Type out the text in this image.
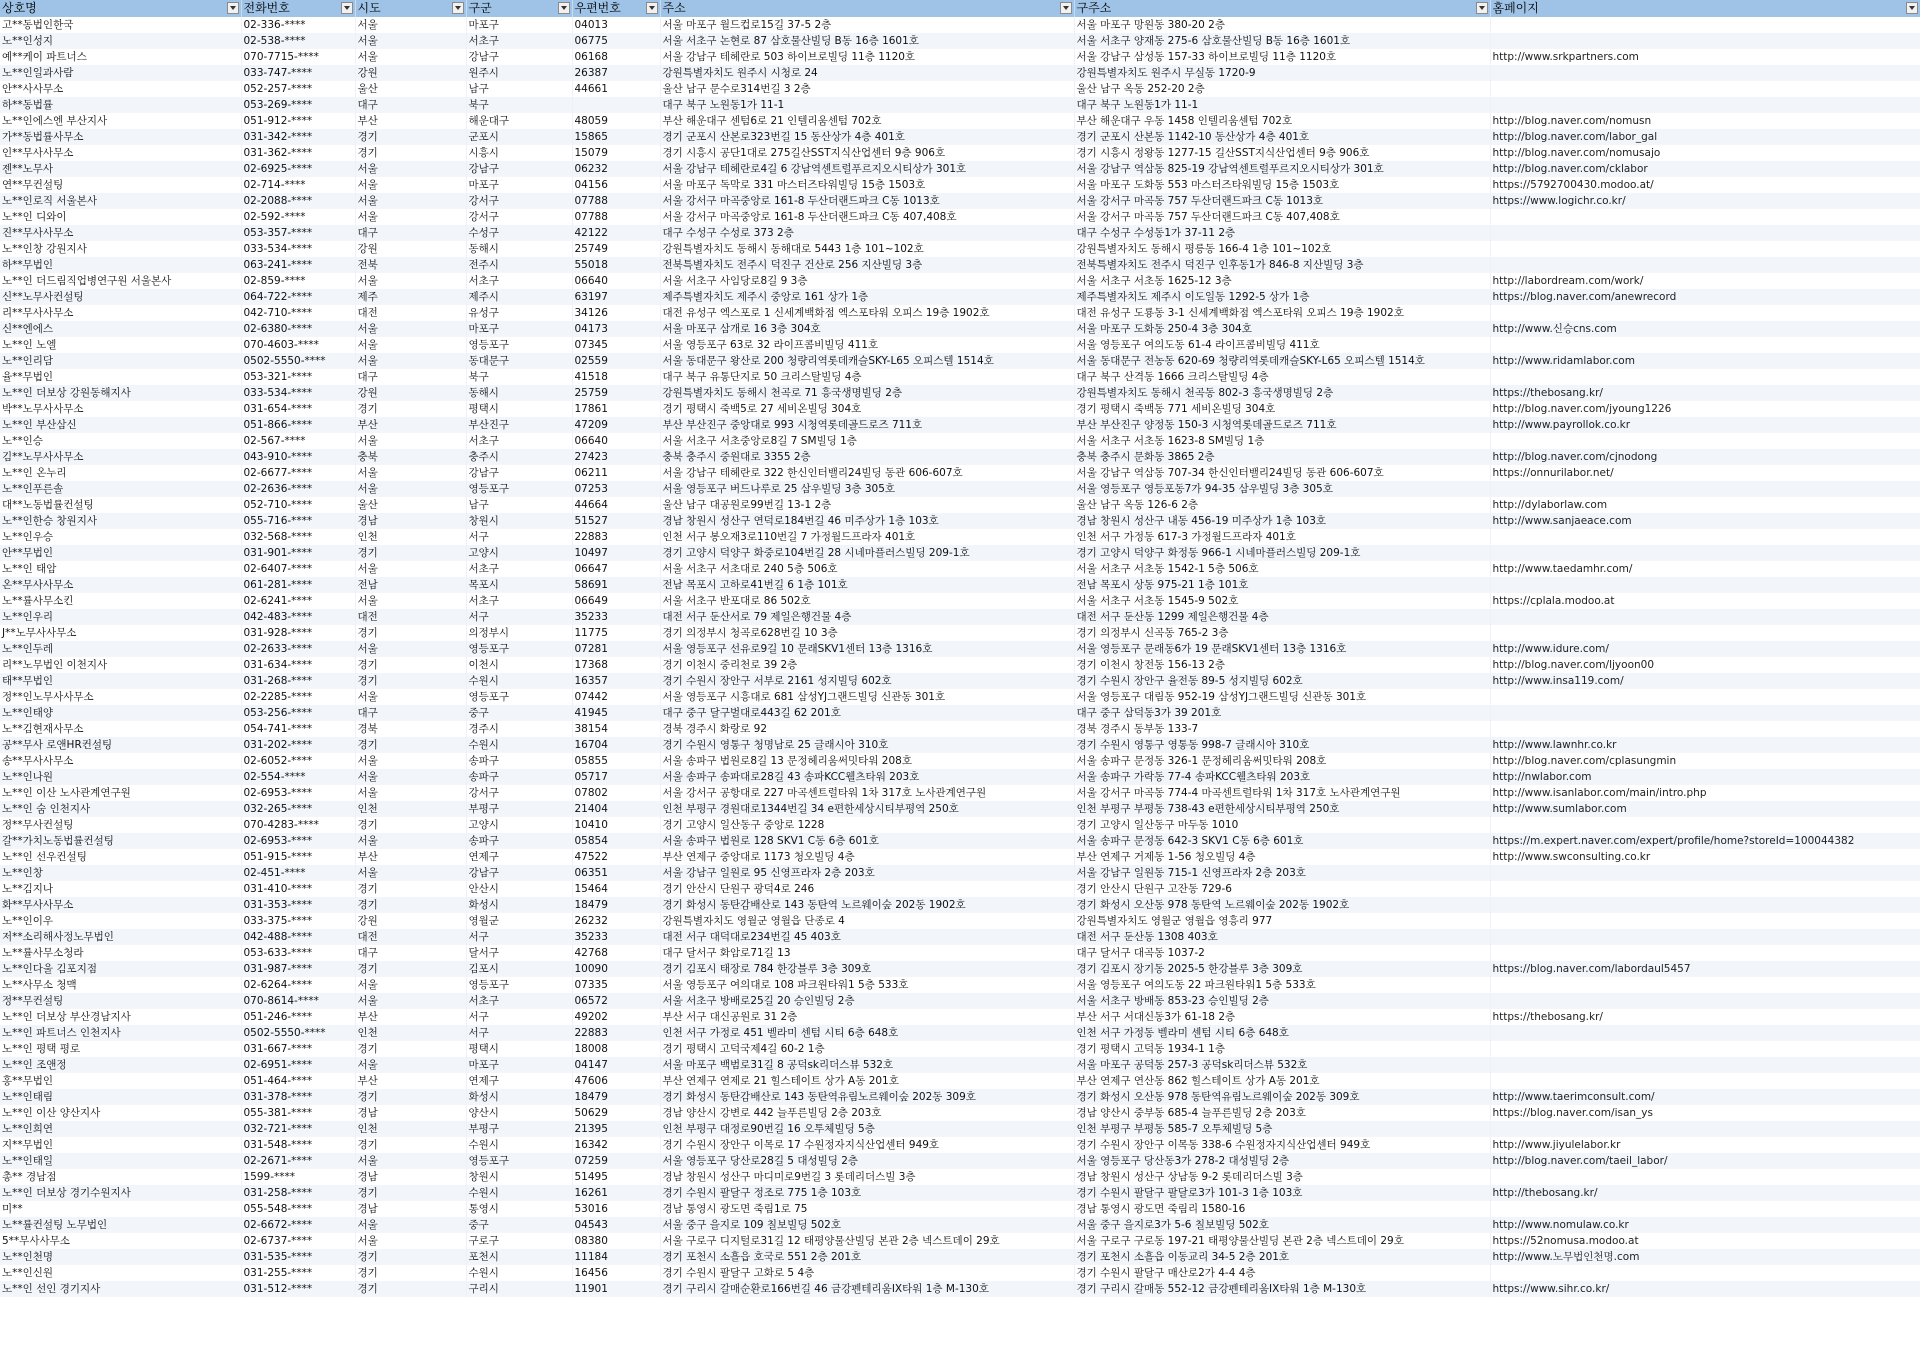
상호명	전화번호	시도	구군	우편번호	주소	구주소	홈페이지

고**동법인한국	02-336-****	서울	마포구	04013	서울 마포구 월드컵로15길 37-5 2층	서울 마포구 망원동 380-20 2층	
노**인성지	02-538-****	서울	서초구	06775	서울 서초구 논현로 87 삼호물산빌딩 B동 16층 1601호	서울 서초구 양재동 275-6 삼호물산빌딩 B동 16층 1601호	
예**케이 파트너스	070-7715-****	서울	강남구	06168	서울 강남구 테헤란로 503 하이브로빌딩 11층 1120호	서울 강남구 삼성동 157-33 하이브로빌딩 11층 1120호	http://www.srkpartners.com
노**인일과사람	033-747-****	강원	원주시	26387	강원특별자치도 원주시 시청로 24	강원특별자치도 원주시 무실동 1720-9	
안**사사무소	052-257-****	울산	남구	44661	울산 남구 문수로314번길 3 2층	울산 남구 옥동 252-20 2층	
하**동법률	053-269-****	대구	북구		대구 북구 노원동1가 11-1	대구 북구 노원동1가 11-1	
노**인에스엔 부산지사	051-912-****	부산	해운대구	48059	부산 해운대구 센텀6로 21 인텔리움센텀 702호	부산 해운대구 우동 1458 인텔리움센텀 702호	http://blog.naver.com/nomusn
가**동법률사무소	031-342-****	경기	군포시	15865	경기 군포시 산본로323번길 15 동산상가 4층 401호	경기 군포시 산본동 1142-10 동산상가 4층 401호	http://blog.naver.com/labor_gal
인**무사사무소	031-362-****	경기	시흥시	15079	경기 시흥시 공단1대로 275길산SST지식산업센터 9층 906호	경기 시흥시 정왕동 1277-15 길산SST지식산업센터 9층 906호	http://blog.naver.com/nomusajo
젠**노무사	02-6925-****	서울	강남구	06232	서울 강남구 테헤란로4길 6 강남역센트럴푸르지오시티상가 301호	서울 강남구 역삼동 825-19 강남역센트럴푸르지오시티상가 301호	http://blog.naver.com/cklabor
연**무컨설팅	02-714-****	서울	마포구	04156	서울 마포구 독막로 331 마스터즈타워빌딩 15층 1503호	서울 마포구 도화동 553 마스터즈타워빌딩 15층 1503호	https://5792700430.modoo.at/
노**인로직 서울본사	02-2088-****	서울	강서구	07788	서울 강서구 마곡중앙로 161-8 두산더랜드파크 C동 1013호	서울 강서구 마곡동 757 두산더랜드파크 C동 1013호	https://www.logichr.co.kr/
노**인 디와이	02-592-****	서울	강서구	07788	서울 강서구 마곡중앙로 161-8 두산더랜드파크 C동 407,408호	서울 강서구 마곡동 757 두산더랜드파크 C동 407,408호	
진**무사사무소	053-357-****	대구	수성구	42122	대구 수성구 수성로 373 2층	대구 수성구 수성동1가 37-11 2층	
노**인창 강원지사	033-534-****	강원	동해시	25749	강원특별자치도 동해시 동해대로 5443 1층 101~102호	강원특별자치도 동해시 평릉동 166-4 1층 101~102호	
하**무법인	063-241-****	전북	전주시	55018	전북특별자치도 전주시 덕진구 건산로 256 지산빌딩 3층	전북특별자치도 전주시 덕진구 인후동1가 846-8 지산빌딩 3층	
노**인 더드림직업병연구원 서울본사	02-859-****	서울	서초구	06640	서울 서초구 사임당로8길 9 3층	서울 서초구 서초동 1625-12 3층	http://labordream.com/work/
신**노무사컨설팅	064-722-****	제주	제주시	63197	제주특별자치도 제주시 중앙로 161 상가 1층	제주특별자치도 제주시 이도일동 1292-5 상가 1층	https://blog.naver.com/anewrecord
리**무사사무소	042-710-****	대전	유성구	34126	대전 유성구 엑스포로 1 신세계백화점 엑스포타워 오피스 19층 1902호	대전 유성구 도룡동 3-1 신세계백화점 엑스포타워 오피스 19층 1902호	
신**엔에스	02-6380-****	서울	마포구	04173	서울 마포구 삼개로 16 3층 304호	서울 마포구 도화동 250-4 3층 304호	http://www.신승cns.com
노**인 노엘	070-4603-****	서울	영등포구	07345	서울 영등포구 63로 32 라이프콤비빌딩 411호	서울 영등포구 여의도동 61-4 라이프콤비빌딩 411호	
노**인리담	0502-5550-****	서울	동대문구	02559	서울 동대문구 왕산로 200 청량리역롯데캐슬SKY-L65 오피스텔 1514호	서울 동대문구 전농동 620-69 청량리역롯데캐슬SKY-L65 오피스텔 1514호	http://www.ridamlabor.com
율**무법인	053-321-****	대구	북구	41518	대구 북구 유통단지로 50 크리스탈빌딩 4층	대구 북구 산격동 1666 크리스탈빌딩 4층	
노**인 더보상 강원동해지사	033-534-****	강원	동해시	25759	강원특별자치도 동해시 천곡로 71 흥국생명빌딩 2층	강원특별자치도 동해시 천곡동 802-3 흥국생명빌딩 2층	https://thebosang.kr/
박**노무사사무소	031-654-****	경기	평택시	17861	경기 평택시 죽백5로 27 세비온빌딩 304호	경기 평택시 죽백동 771 세비온빌딩 304호	http://blog.naver.com/jyoung1226
노**인 부산삼신	051-866-****	부산	부산진구	47209	부산 부산진구 중앙대로 993 시청역롯데골드로즈 711호	부산 부산진구 양정동 150-3 시청역롯데골드로즈 711호	http://www.payrollok.co.kr
노**인승	02-567-****	서울	서초구	06640	서울 서초구 서초중앙로8길 7 SM빌딩 1층	서울 서초구 서초동 1623-8 SM빌딩 1층	
김**노무사사무소	043-910-****	충북	충주시	27423	충북 충주시 중원대로 3355 2층	충북 충주시 문화동 3865 2층	http://blog.naver.com/cjnodong
노**인 온누리	02-6677-****	서울	강남구	06211	서울 강남구 테헤란로 322 한신인터밸리24빌딩 동관 606-607호	서울 강남구 역삼동 707-34 한신인터밸리24빌딩 동관 606-607호	https://onnurilabor.net/
노**인푸른솔	02-2636-****	서울	영등포구	07253	서울 영등포구 버드나루로 25 삼우빌딩 3층 305호	서울 영등포구 영등포동7가 94-35 삼우빌딩 3층 305호	
대**노동법률컨설팅	052-710-****	울산	남구	44664	울산 남구 대공원로99번길 13-1 2층	울산 남구 옥동 126-6 2층	http://dylaborlaw.com
노**인한승 창원지사	055-716-****	경남	창원시	51527	경남 창원시 성산구 연덕로184번길 46 미주상가 1층 103호	경남 창원시 성산구 내동 456-19 미주상가 1층 103호	http://www.sanjaeace.com
노**인우승	032-568-****	인천	서구	22883	인천 서구 봉오재3로110번길 7 가정월드프라자 401호	인천 서구 가정동 617-3 가정월드프라자 401호	
안**무법인	031-901-****	경기	고양시	10497	경기 고양시 덕양구 화중로104번길 28 시네마플러스빌딩 209-1호	경기 고양시 덕양구 화정동 966-1 시네마플러스빌딩 209-1호	
노**인 태암	02-6407-****	서울	서초구	06647	서울 서초구 서초대로 240 5층 506호	서울 서초구 서초동 1542-1 5층 506호	http://www.taedamhr.com/
온**무사사무소	061-281-****	전남	목포시	58691	전남 목포시 고하로41번길 6 1층 101호	전남 목포시 상동 975-21 1층 101호	
노**률사무소킨	02-6241-****	서울	서초구	06649	서울 서초구 반포대로 86 502호	서울 서초구 서초동 1545-9 502호	https://cplala.modoo.at
노**인우리	042-483-****	대전	서구	35233	대전 서구 둔산서로 79 제일은행건물 4층	대전 서구 둔산동 1299 제일은행건물 4층	
J**노무사사무소	031-928-****	경기	의정부시	11775	경기 의정부시 청곡로628번길 10 3층	경기 의정부시 신곡동 765-2 3층	
노**인두레	02-2633-****	서울	영등포구	07281	서울 영등포구 선유로9길 10 문래SKV1센터 13층 1316호	서울 영등포구 문래동6가 19 문래SKV1센터 13층 1316호	http://www.idure.com/
리**노무법인 이천지사	031-634-****	경기	이천시	17368	경기 이천시 중리천로 39 2층	경기 이천시 창전동 156-13 2층	http://blog.naver.com/ljyoon00
태**무법인	031-268-****	경기	수원시	16357	경기 수원시 장안구 서부로 2161 성지빌딩 602호	경기 수원시 장안구 율전동 89-5 성지빌딩 602호	http://www.insa119.com/
정**인노무사사무소	02-2285-****	서울	영등포구	07442	서울 영등포구 시흥대로 681 삼성YJ그랜드빌딩 신관동 301호	서울 영등포구 대림동 952-19 삼성YJ그랜드빌딩 신관동 301호	
노**인태양	053-256-****	대구	중구	41945	대구 중구 달구벌대로443길 62 201호	대구 중구 삼덕동3가 39 201호	
노**김현재사무소	054-741-****	경북	경주시	38154	경북 경주시 화랑로 92	경북 경주시 동부동 133-7	
공**무사 로앤HR컨설팅	031-202-****	경기	수원시	16704	경기 수원시 영통구 청명남로 25 글래시아 310호	경기 수원시 영통구 영통동 998-7 글래시아 310호	http://www.lawnhr.co.kr
송**무사사무소	02-6052-****	서울	송파구	05855	서울 송파구 법원로8길 13 문정헤리움써밋타워 208호	서울 송파구 문정동 326-1 문정헤리움써밋타워 208호	http://blog.naver.com/cplasungmin
노**인나원	02-554-****	서울	송파구	05717	서울 송파구 송파대로28길 43 송파KCC웰츠타워 203호	서울 송파구 가락동 77-4 송파KCC웰츠타워 203호	http://nwlabor.com
노**인 이산 노사관계연구원	02-6953-****	서울	강서구	07802	서울 강서구 공항대로 227 마곡센트럴타워 1차 317호 노사관계연구원	서울 강서구 마곡동 774-4 마곡센트럴타워 1차 317호 노사관계연구원	http://www.isanlabor.com/main/intro.php
노**인 숨 인천지사	032-265-****	인천	부평구	21404	인천 부평구 경원대로1344번길 34 e편한세상시티부평역 250호	인천 부평구 부평동 738-43 e편한세상시티부평역 250호	http://www.sumlabor.com
정**무사컨설팅	070-4283-****	경기	고양시	10410	경기 고양시 일산동구 중앙로 1228	경기 고양시 일산동구 마두동 1010	
갈**가치노동법률컨설팅	02-6953-****	서울	송파구	05854	서울 송파구 법원로 128 SKV1 C동 6층 601호	서울 송파구 문정동 642-3 SKV1 C동 6층 601호	https://m.expert.naver.com/expert/profile/home?storeId=100044382
노**인 선우컨설팅	051-915-****	부산	연제구	47522	부산 연제구 중앙대로 1173 청오빌딩 4층	부산 연제구 거제동 1-56 청오빌딩 4층	http://www.swconsulting.co.kr
노**인창	02-451-****	서울	강남구	06351	서울 강남구 일원로 95 신영프라자 2층 203호	서울 강남구 일원동 715-1 신영프라자 2층 203호	
노**김지나	031-410-****	경기	안산시	15464	경기 안산시 단원구 광덕4로 246	경기 안산시 단원구 고잔동 729-6	
화**무사사무소	031-353-****	경기	화성시	18479	경기 화성시 동탄감배산로 143 동탄역 노르웨이숲 202동 1902호	경기 화성시 오산동 978 동탄역 노르웨이숲 202동 1902호	
노**인이우	033-375-****	강원	영월군	26232	강원특별자치도 영월군 영월읍 단종로 4	강원특별자치도 영월군 영월읍 영흥리 977	
저**소리해사정노무법인	042-488-****	대전	서구	35233	대전 서구 대덕대로234번길 45 403호	대전 서구 둔산동 1308 403호	
노**률사무소청라	053-633-****	대구	달서구	42768	대구 달서구 화암로71길 13	대구 달서구 대곡동 1037-2	
노**인다울 김포지점	031-987-****	경기	김포시	10090	경기 김포시 태장로 784 한강블루 3층 309호	경기 김포시 장기동 2025-5 한강블루 3층 309호	https://blog.naver.com/labordaul5457
노**사무소 청맥	02-6264-****	서울	영등포구	07335	서울 영등포구 여의대로 108 파크원타워1 5층 533호	서울 영등포구 여의도동 22 파크원타워1 5층 533호	
정**무컨설팅	070-8614-****	서울	서초구	06572	서울 서초구 방배로25길 20 승인빌딩 2층	서울 서초구 방배동 853-23 승인빌딩 2층	
노**인 더보상 부산경남지사	051-246-****	부산	서구	49202	부산 서구 대신공원로 31 2층	부산 서구 서대신동3가 61-18 2층	https://thebosang.kr/
노**인 파트너스 인천지사	0502-5550-****	인천	서구	22883	인천 서구 가정로 451 벨라미 센텀 시티 6층 648호	인천 서구 가정동 벨라미 센텀 시티 6층 648호	
노**인 평택 평로	031-667-****	경기	평택시	18008	경기 평택시 고덕국제4길 60-2 1층	경기 평택시 고덕동 1934-1 1층	
노**인 조앤정	02-6951-****	서울	마포구	04147	서울 마포구 백범로31길 8 공덕sk리더스뷰 532호	서울 마포구 공덕동 257-3 공덕sk리더스뷰 532호	
홍**무법인	051-464-****	부산	연제구	47606	부산 연제구 연제로 21 힐스테이트 상가 A동 201호	부산 연제구 연산동 862 힐스테이트 상가 A동 201호	
노**인태림	031-378-****	경기	화성시	18479	경기 화성시 동탄감배산로 143 동탄역유림노르웨이숲 202동 309호	경기 화성시 오산동 978 동탄역유림노르웨이숲 202동 309호	http://www.taerimconsult.com/
노**인 이산 양산지사	055-381-****	경남	양산시	50629	경남 양산시 강변로 442 늘푸른빌딩 2층 203호	경남 양산시 중부동 685-4 늘푸른빌딩 2층 203호	https://blog.naver.com/isan_ys
노**인희연	032-721-****	인천	부평구	21395	인천 부평구 대정로90번길 16 오투체빌딩 5층	인천 부평구 부평동 585-7 오투체빌딩 5층	
지**무법인	031-548-****	경기	수원시	16342	경기 수원시 장안구 이목로 17 수원정자지식산업센터 949호	경기 수원시 장안구 이목동 338-6 수원정자지식산업센터 949호	http://www.jiyulelabor.kr
노**인태일	02-2671-****	서울	영등포구	07259	서울 영등포구 당산로28길 5 대성빌딩 2층	서울 영등포구 당산동3가 278-2 대성빌딩 2층	http://blog.naver.com/taeil_labor/
총** 경남점	1599-****	경남	창원시	51495	경남 창원시 성산구 마디미로9번길 3 롯데리더스빌 3층	경남 창원시 성산구 상남동 9-2 롯데리더스빌 3층	
노**인 더보상 경기수원지사	031-258-****	경기	수원시	16261	경기 수원시 팔달구 정조로 775 1층 103호	경기 수원시 팔달구 팔달로3가 101-3 1층 103호	http://thebosang.kr/
미**	055-548-****	경남	통영시	53016	경남 통영시 광도면 죽림1로 75	경남 통영시 광도면 죽림리 1580-16	
노**률컨설팅 노무법인	02-6672-****	서울	중구	04543	서울 중구 을지로 109 칠보빌딩 502호	서울 중구 을지로3가 5-6 칠보빌딩 502호	http://www.nomulaw.co.kr
5**무사사무소	02-6737-****	서울	구로구	08380	서울 구로구 디지털로31길 12 태평양물산빌딩 본관 2층 넥스트데이 29호	서울 구로구 구로동 197-21 태평양물산빌딩 본관 2층 넥스트데이 29호	https://52nomusa.modoo.at
노**인천명	031-535-****	경기	포천시	11184	경기 포천시 소흘읍 호국로 551 2층 201호	경기 포천시 소흘읍 이동교리 34-5 2층 201호	http://www.노무법인천명.com
노**인신원	031-255-****	경기	수원시	16456	경기 수원시 팔달구 고화로 5 4층	경기 수원시 팔달구 매산로2가 4-4 4층	
노**인 선인 경기지사	031-512-****	경기	구리시	11901	경기 구리시 갈매순환로166번길 46 금강펜테리움IX타워 1층 M-130호	경기 구리시 갈매동 552-12 금강펜테리움IX타워 1층 M-130호	https://www.sihr.co.kr/
